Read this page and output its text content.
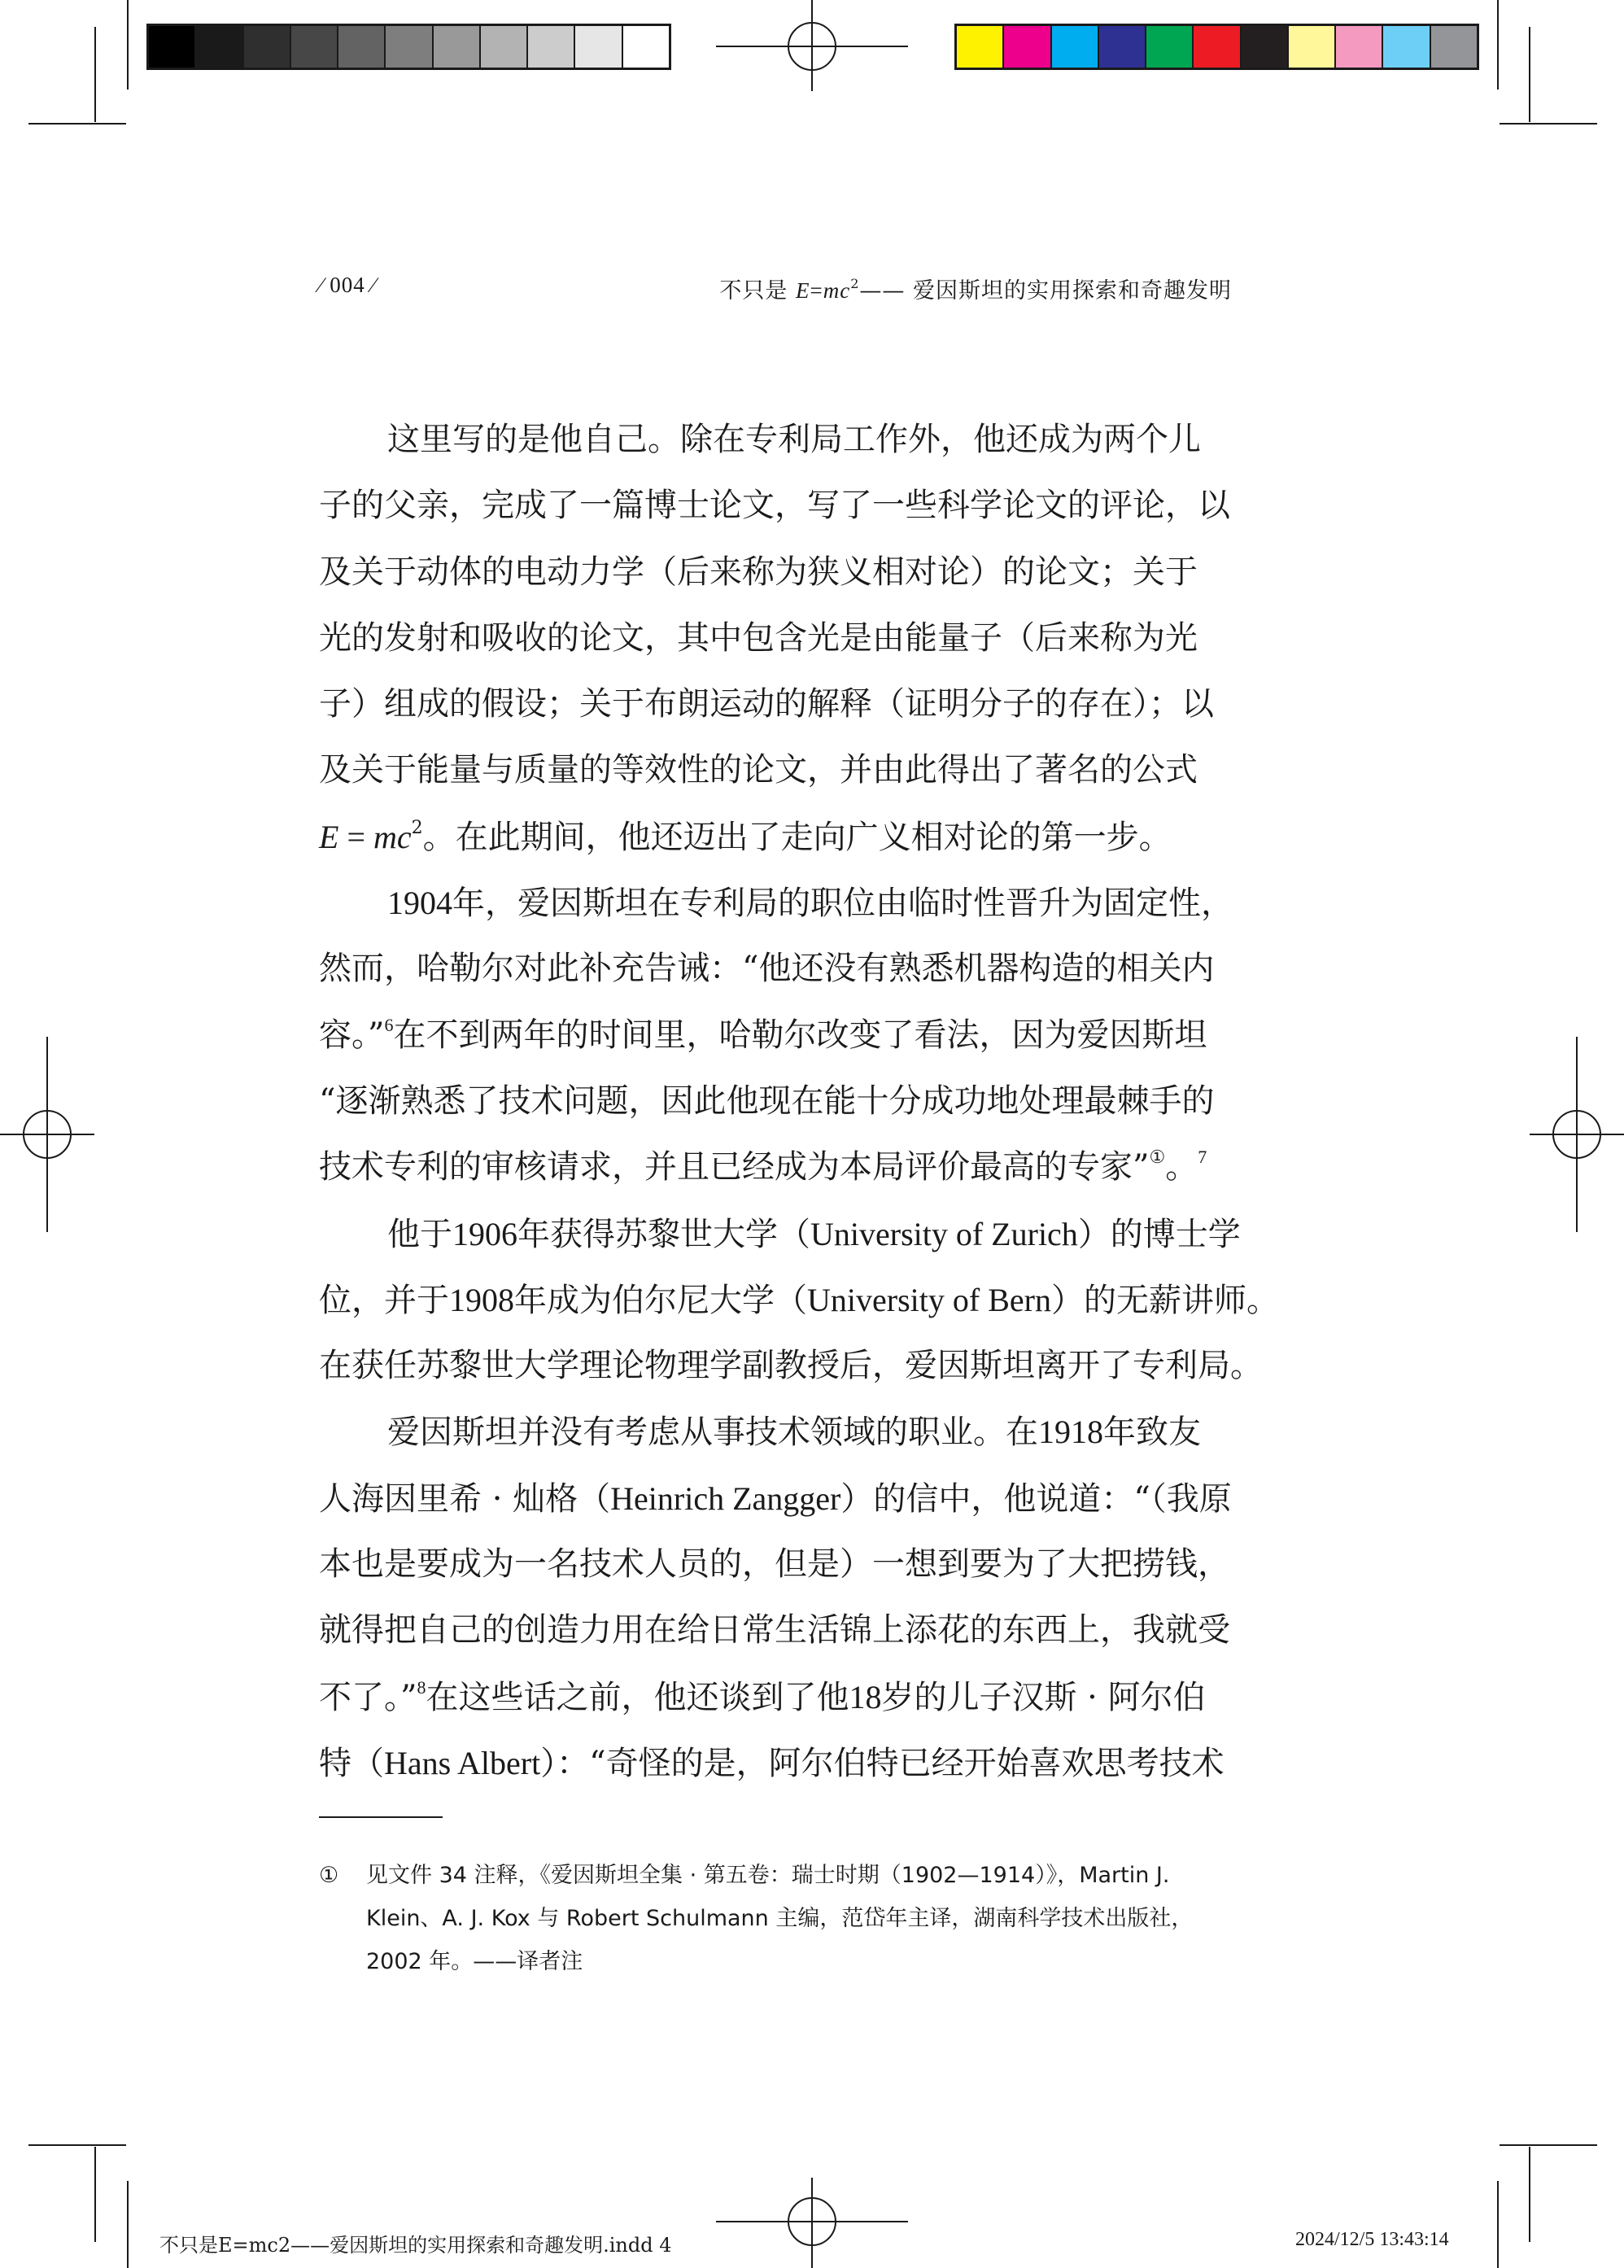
∕ 004 ∕	不只是 $E=mc^2——$ 爱因斯坦的实用探索和奇趣发明
这里写的是他自己。除在专利局工作外，他还成为两个儿
子的父亲，完成了一篇博士论文，写了一些科学论文的评论，以
及关于动体的电动力学（后来称为狭义相对论）的论文；关于
光的发射和吸收的论文，其中包含光是由能量子（后来称为光
子）组成的假设；关于布朗运动的解释（证明分子的存在）；以
及关于能量与质量的等效性的论文，并由此得出了著名的公式
$E = mc^2$。在此期间，他还迈出了走向广义相对论的第一步。
1904年，爱因斯坦在专利局的职位由临时性晋升为固定性，
然而，哈勒尔对此补充告诫：“他还没有熟悉机器构造的相关内
容。”$^6$在不到两年的时间里，哈勒尔改变了看法，因为爱因斯坦
“逐渐熟悉了技术问题，因此他现在能十分成功地处理最棘手的
技术专利的审核请求，并且已经成为本局评价最高的专家”①。$^7$
他于1906年获得苏黎世大学（University of Zurich）的博士学
位，并于1908年成为伯尔尼大学（University of Bern）的无薪讲师。
在获任苏黎世大学理论物理学副教授后，爱因斯坦离开了专利局。
爱因斯坦并没有考虑从事技术领域的职业。在1918年致友
人海因里希 · 灿格（Heinrich Zangger）的信中，他说道：“（我原
本也是要成为一名技术人员的，但是）一想到要为了大把捞钱，
就得把自己的创造力用在给日常生活锦上添花的东西上，我就受
不了。”$^8$在这些话之前，他还谈到了他18岁的儿子汉斯 · 阿尔伯
特（Hans Albert）：“奇怪的是，阿尔伯特已经开始喜欢思考技术
① 见文件 34 注释，《爱因斯坦全集 · 第五卷：瑞士时期（1902—1914）》，Martin J.
Klein、A. J. Kox 与 Robert Schulmann 主编，范岱年主译，湖南科学技术出版社，
2002 年。——译者注
不只是E=mc2——爱因斯坦的实用探索和奇趣发明.indd 4	2024/12/5 13:43:14
